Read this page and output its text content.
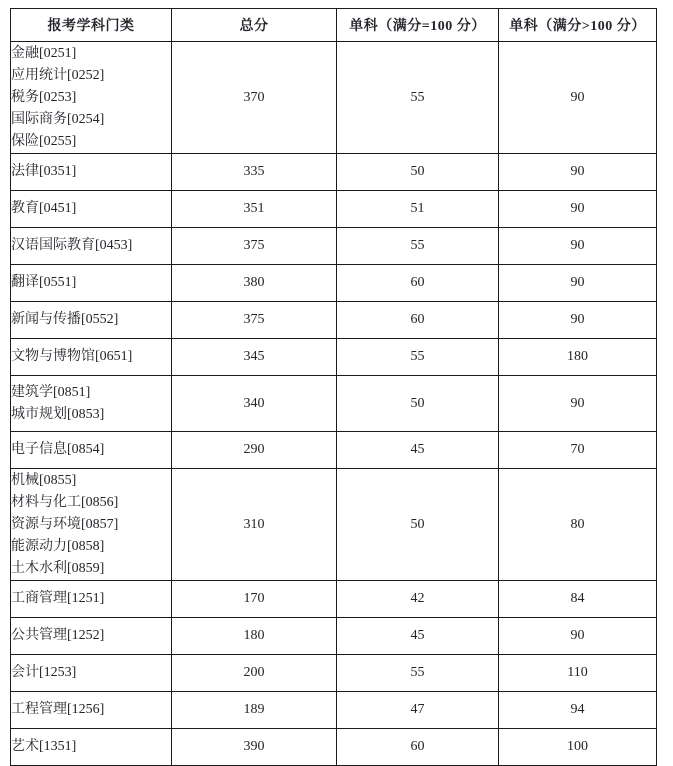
报考学科门类	总分	单科（满分=100 分）	单科（满分>100 分）

金融[0251]
应用统计[0252]
税务[0253]
国际商务[0254]
保险[0255]	370	55	90

法律[0351]	335	50	90

教育[0451]	351	51	90

汉语国际教育[0453]	375	55	90

翻译[0551]	380	60	90

新闻与传播[0552]	375	60	90

文物与博物馆[0651]	345	55	180

建筑学[0851]
城市规划[0853]	340	50	90

电子信息[0854]	290	45	70

机械[0855]
材料与化工[0856]
资源与环境[0857]
能源动力[0858]
土木水利[0859]	310	50	80

工商管理[1251]	170	42	84

公共管理[1252]	180	45	90

会计[1253]	200	55	110

工程管理[1256]	189	47	94

艺术[1351]	390	60	100
